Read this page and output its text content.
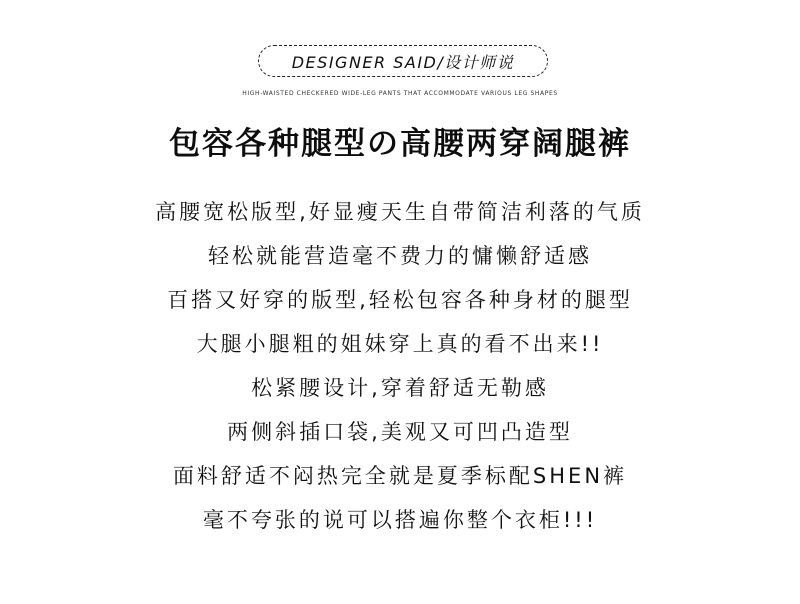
DESIGNER SAID/设计师说
HIGH-WAISTED CHECKERED WIDE-LEG PANTS THAT ACCOMMODATE VARIOUS LEG SHAPES
包容各种腿型の高腰两穿阔腿裤
高腰宽松版型,好显瘦天生自带简洁利落的气质
轻松就能营造毫不费力的慵懒舒适感
百搭又好穿的版型,轻松包容各种身材的腿型
大腿小腿粗的姐妹穿上真的看不出来!!
松紧腰设计,穿着舒适无勒感
两侧斜插口袋,美观又可凹凸造型
面料舒适不闷热完全就是夏季标配SHEN裤
毫不夸张的说可以搭遍你整个衣柜!!!
